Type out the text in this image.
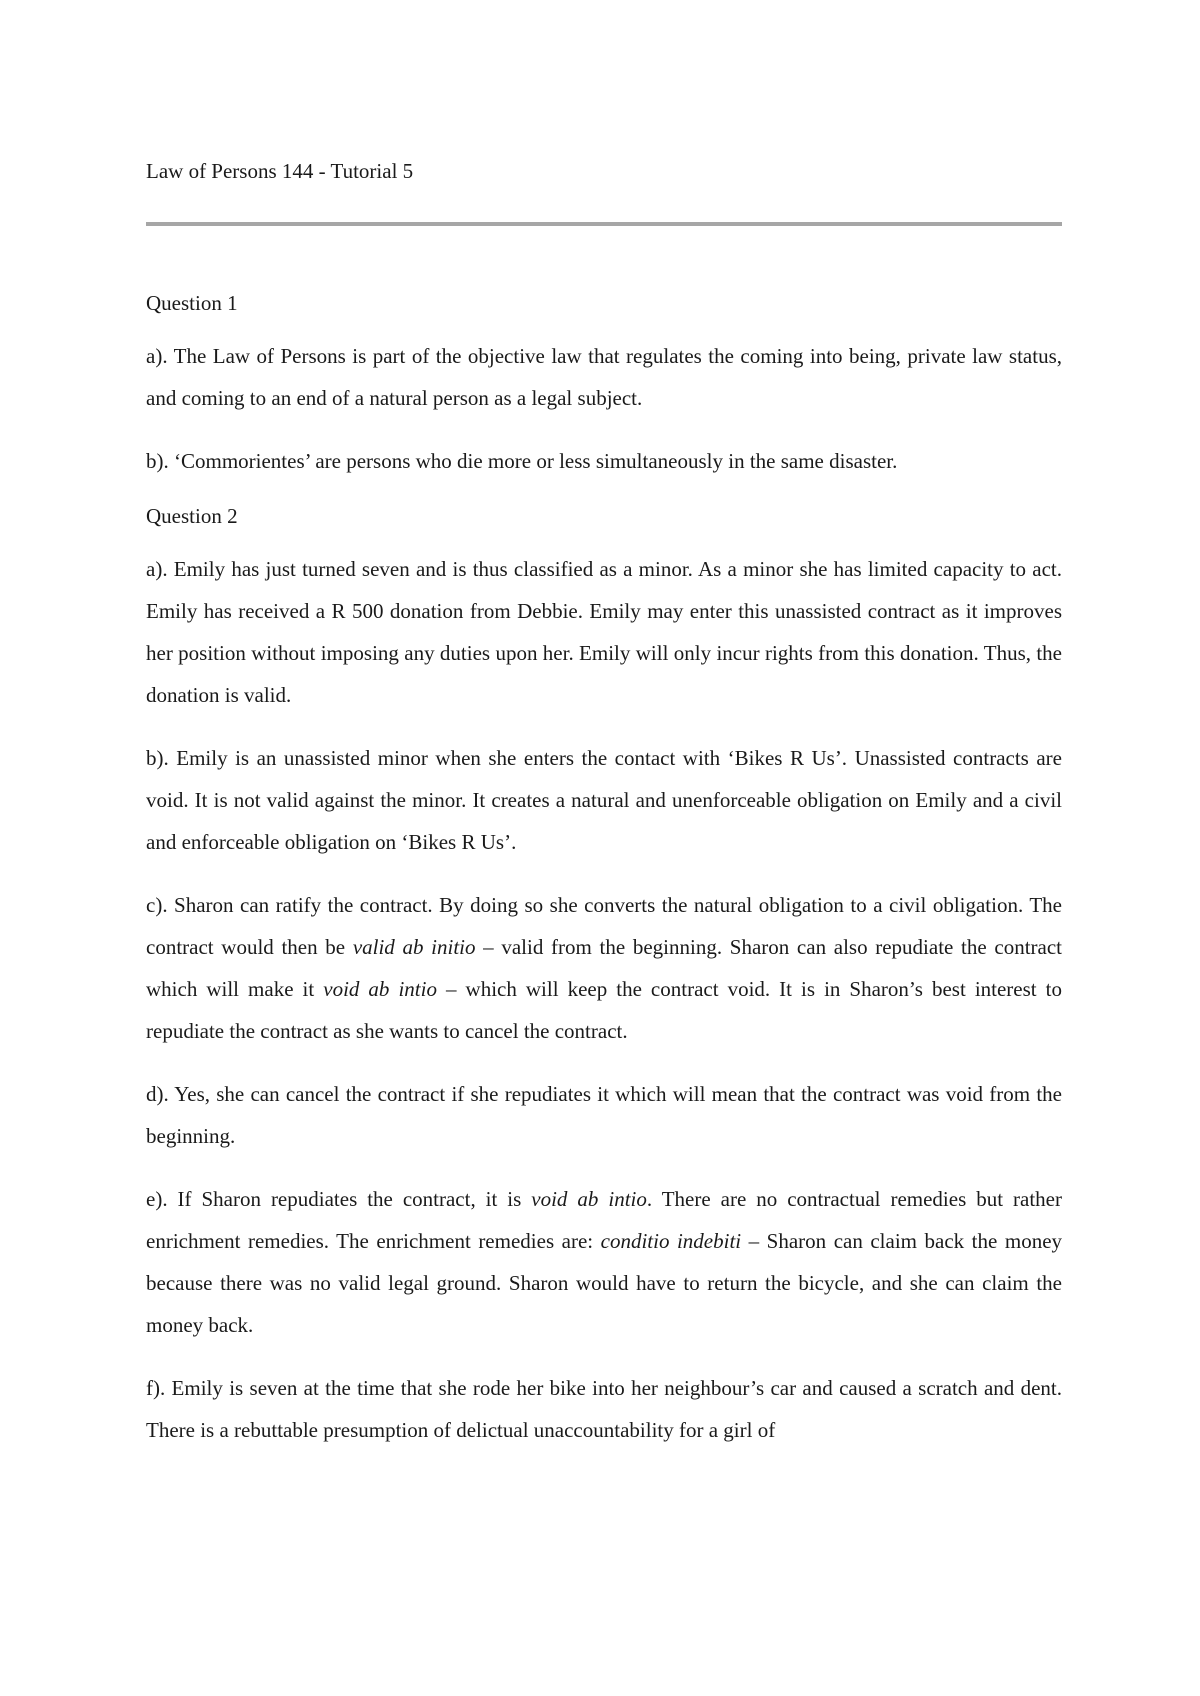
Law of Persons 144 - Tutorial 5

Question 1

a). The Law of Persons is part of the objective law that regulates the coming into being, private law status, and coming to an end of a natural person as a legal subject.

b). ‘Commorientes’ are persons who die more or less simultaneously in the same disaster.

Question 2

a). Emily has just turned seven and is thus classified as a minor. As a minor she has limited capacity to act. Emily has received a R 500 donation from Debbie. Emily may enter this unassisted contract as it improves her position without imposing any duties upon her. Emily will only incur rights from this donation. Thus, the donation is valid.

b). Emily is an unassisted minor when she enters the contact with ‘Bikes R Us’. Unassisted contracts are void. It is not valid against the minor. It creates a natural and unenforceable obligation on Emily and a civil and enforceable obligation on ‘Bikes R Us’.

c). Sharon can ratify the contract. By doing so she converts the natural obligation to a civil obligation. The contract would then be valid ab initio – valid from the beginning. Sharon can also repudiate the contract which will make it void ab intio – which will keep the contract void. It is in Sharon’s best interest to repudiate the contract as she wants to cancel the contract.

d). Yes, she can cancel the contract if she repudiates it which will mean that the contract was void from the beginning.

e). If Sharon repudiates the contract, it is void ab intio. There are no contractual remedies but rather enrichment remedies. The enrichment remedies are: conditio indebiti – Sharon can claim back the money because there was no valid legal ground. Sharon would have to return the bicycle, and she can claim the money back.

f). Emily is seven at the time that she rode her bike into her neighbour’s car and caused a scratch and dent. There is a rebuttable presumption of delictual unaccountability for a girl of
